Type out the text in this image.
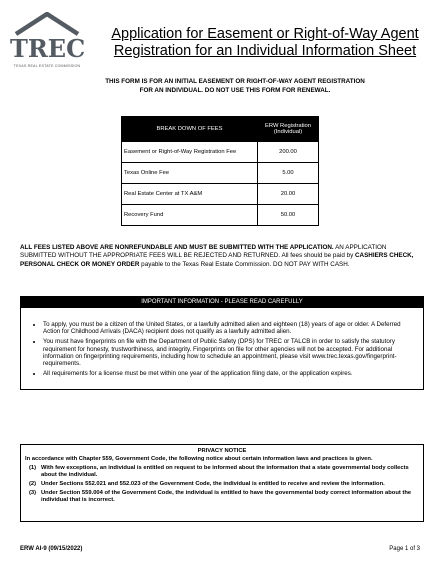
TREC
TEXAS REAL ESTATE COMMISSION
Application for Easement or Right-of-Way Agent
Registration for an Individual Information Sheet
THIS FORM IS FOR AN INITIAL EASEMENT OR RIGHT-OF-WAY AGENT REGISTRATION
FOR AN INDIVIDUAL. DO NOT USE THIS FORM FOR RENEWAL.
BREAK DOWN OF FEES	ERW Registration
(Individual)

Easement or Right-of-Way Registration Fee	200.00
Texas Online Fee	5.00
Real Estate Center at TX A&M	20.00
Recovery Fund	50.00
ALL FEES LISTED ABOVE ARE NONREFUNDABLE AND MUST BE SUBMITTED WITH THE APPLICATION. AN APPLICATION SUBMITTED WITHOUT THE APPROPRIATE FEES WILL BE REJECTED AND RETURNED. All fees should be paid by CASHIERS CHECK, PERSONAL CHECK OR MONEY ORDER payable to the Texas Real Estate Commission. DO NOT PAY WITH CASH.
IMPORTANT INFORMATION - PLEASE READ CAREFULLY
• To apply, you must be a citizen of the United States, or a lawfully admitted alien and eighteen (18) years of age or older. A Deferred Action for Childhood Arrivals (DACA) recipient does not qualify as a lawfully admitted alien.
• You must have fingerprints on file with the Department of Public Safety (DPS) for TREC or TALCB in order to satisfy the statutory requirement for honesty, trustworthiness, and integrity. Fingerprints on file for other agencies will not be accepted. For additional information on fingerprinting requirements, including how to schedule an appointment, please visit www.trec.texas.gov/fingerprint-requirements.
• All requirements for a license must be met within one year of the application filing date, or the application expires.
PRIVACY NOTICE
In accordance with Chapter 559, Government Code, the following notice about certain information laws and practices is given.
(1) With few exceptions, an individual is entitled on request to be informed about the information that a state governmental body collects about the individual.
(2) Under Sections 552.021 and 552.023 of the Government Code, the individual is entitled to receive and review the information.
(3) Under Section 559.004 of the Government Code, the individual is entitled to have the governmental body correct information about the individual that is incorrect.
ERW AI-9 (09/15/2022)	Page 1 of 3
